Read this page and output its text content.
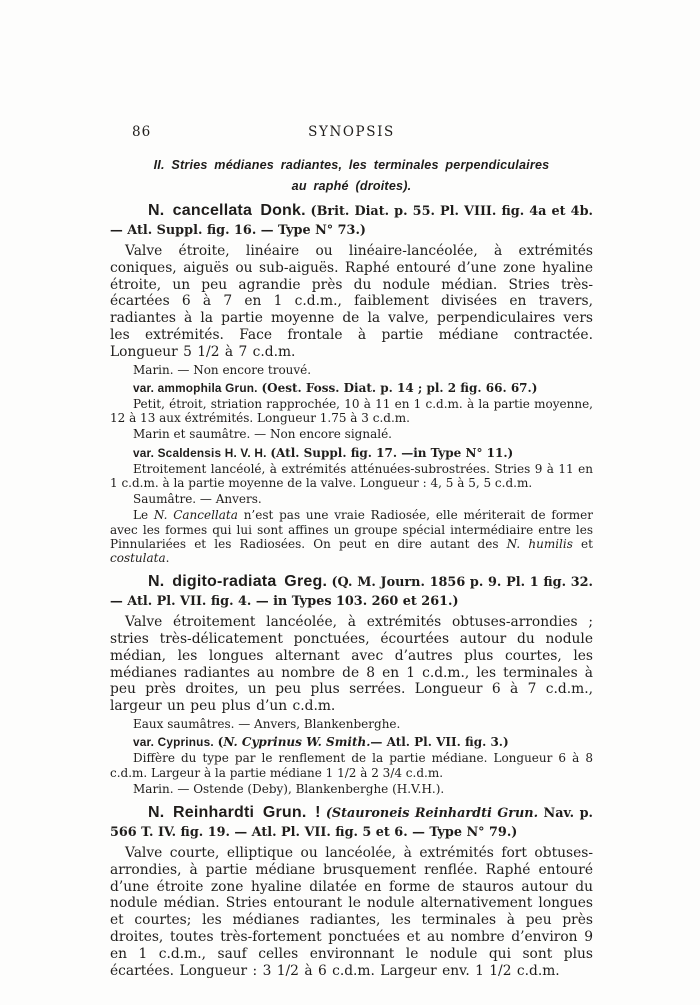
86	SYNOPSIS
II. Stries médianes radiantes, les terminales perpendiculaires
au raphé (droites).

N. cancellata Donk. (Brit. Diat. p. 55. Pl. VIII. fig. 4a et 4b. — Atl. Suppl. fig. 16. — Type N° 73.)

Valve étroite, linéaire ou linéaire-lancéolée, à extrémités coniques, aiguës ou sub-aiguës. Raphé entouré d’une zone hyaline étroite, un peu agrandie près du nodule médian. Stries très-écartées 6 à 7 en 1 c.d.m., faiblement divisées en travers, radiantes à la partie moyenne de la valve, perpendiculaires vers les extrémités. Face frontale à partie médiane contractée. Longueur 5 1/2 à 7 c.d.m.

Marin. — Non encore trouvé.

var. ammophila Grun. (Oest. Foss. Diat. p. 14 ; pl. 2 fig. 66. 67.)

Petit, étroit, striation rapprochée, 10 à 11 en 1 c.d.m. à la partie moyenne, 12 à 13 aux éxtrémités. Longueur 1.75 à 3 c.d.m.

Marin et saumâtre. — Non encore signalé.

var. Scaldensis H. V. H. (Atl. Suppl. fig. 17. —in Type N° 11.)

Etroitement lancéolé, à extrémités atténuées-subrostrées. Stries 9 à 11 en 1 c.d.m. à la partie moyenne de la valve. Longueur : 4, 5 à 5, 5 c.d.m.

Saumâtre. — Anvers.

Le N. Cancellata n’est pas une vraie Radiosée, elle mériterait de former avec les formes qui lui sont affines un groupe spécial intermédiaire entre les Pinnulariées et les Radiosées. On peut en dire autant des N. humilis et costulata.

N. digito-radiata Greg. (Q. M. Journ. 1856 p. 9. Pl. 1 fig. 32. — Atl. Pl. VII. fig. 4. — in Types 103. 260 et 261.)

Valve étroitement lancéolée, à extrémités obtuses-arrondies ; stries très-délicatement ponctuées, écourtées autour du nodule médian, les longues alternant avec d’autres plus courtes, les médianes radiantes au nombre de 8 en 1 c.d.m., les terminales à peu près droites, un peu plus serrées. Longueur 6 à 7 c.d.m., largeur un peu plus d’un c.d.m.

Eaux saumâtres. — Anvers, Blankenberghe.

var. Cyprinus. (N. Cyprinus W. Smith.— Atl. Pl. VII. fig. 3.)

Diffère du type par le renflement de la partie médiane. Longueur 6 à 8 c.d.m. Largeur à la partie médiane 1 1/2 à 2 3/4 c.d.m.

Marin. — Ostende (Deby), Blankenberghe (H.V.H.).

N. Reinhardti Grun. ! (Stauroneis Reinhardti Grun. Nav. p. 566 T. IV. fig. 19. — Atl. Pl. VII. fig. 5 et 6. — Type N° 79.)

Valve courte, elliptique ou lancéolée, à extrémités fort obtuses-arrondies, à partie médiane brusquement renflée. Raphé entouré d’une étroite zone hyaline dilatée en forme de stauros autour du nodule médian. Stries entourant le nodule alternativement longues et courtes; les médianes radiantes, les terminales à peu près droites, toutes très-fortement ponctuées et au nombre d’environ 9 en 1 c.d.m., sauf celles environnant le nodule qui sont plus écartées. Longueur : 3 1/2 à 6 c.d.m. Largeur env. 1 1/2 c.d.m.
